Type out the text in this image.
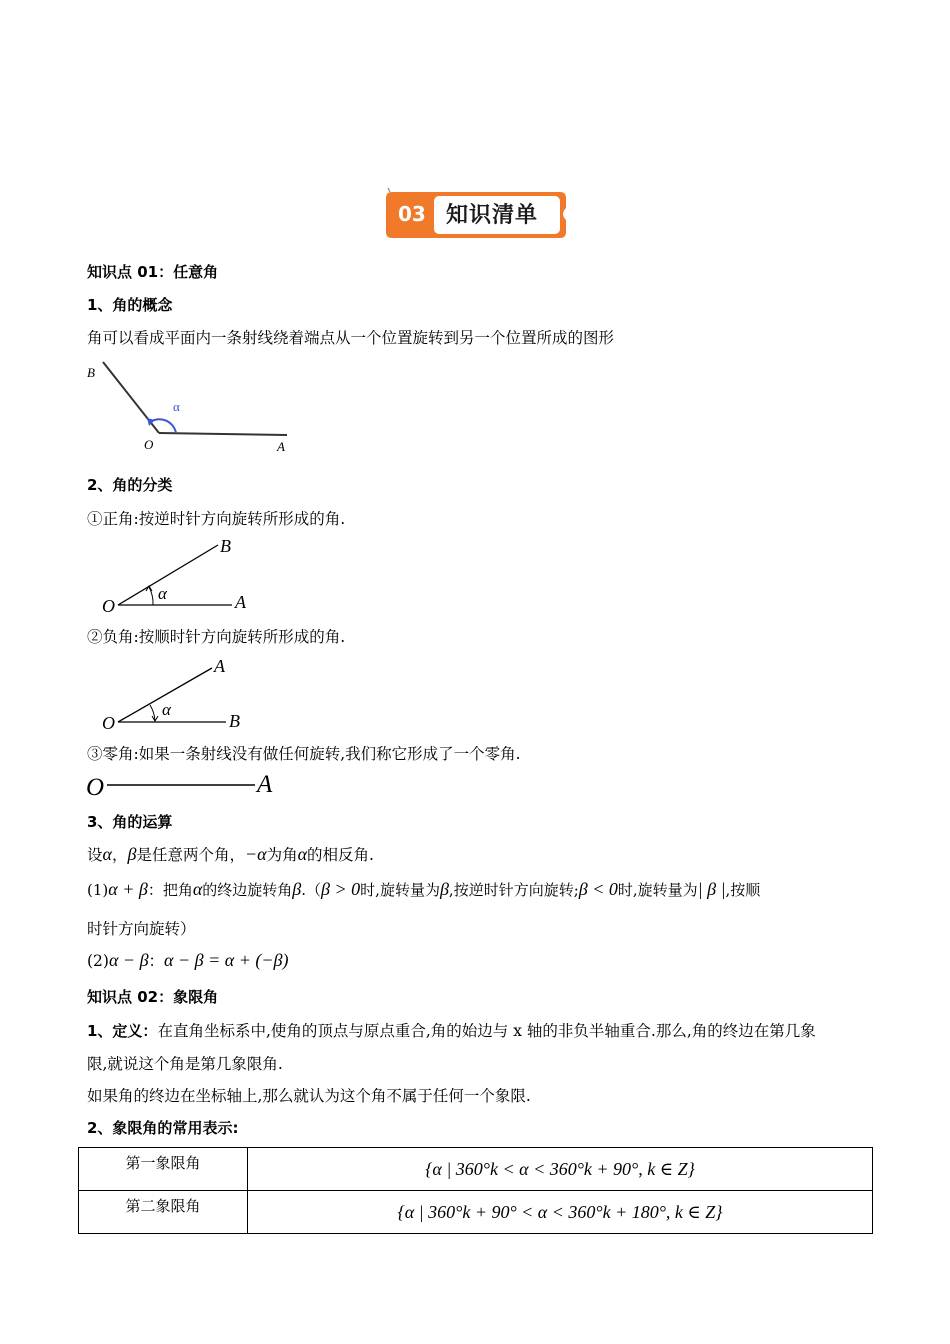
03 知识清单
知识点 01：任意角
1、角的概念
角可以看成平面内一条射线绕着端点从一个位置旋转到另一个位置所成的图形
B
α
O	A
2、角的分类
①正角:按逆时针方向旋转所形成的角.
B
α
O	A
②负角:按顺时针方向旋转所形成的角.
A
α
O	B
③零角:如果一条射线没有做任何旋转,我们称它形成了一个零角.
O	A
3、角的运算
设α，β是任意两个角，−α为角α的相反角.
(1)α + β：把角α的终边旋转角β.（β > 0时,旋转量为β,按逆时针方向旋转;β < 0时,旋转量为| β |,按顺
时针方向旋转）
(2)α − β：α − β = α + (−β)
知识点 02：象限角
1、定义：在直角坐标系中,使角的顶点与原点重合,角的始边与 x 轴的非负半轴重合.那么,角的终边在第几象
限,就说这个角是第几象限角.
如果角的终边在坐标轴上,那么就认为这个角不属于任何一个象限.
2、象限角的常用表示:
第一象限角	{α | 360°k < α < 360°k + 90°, k ∈ Z}
第二象限角	{α | 360°k + 90° < α < 360°k + 180°, k ∈ Z}
